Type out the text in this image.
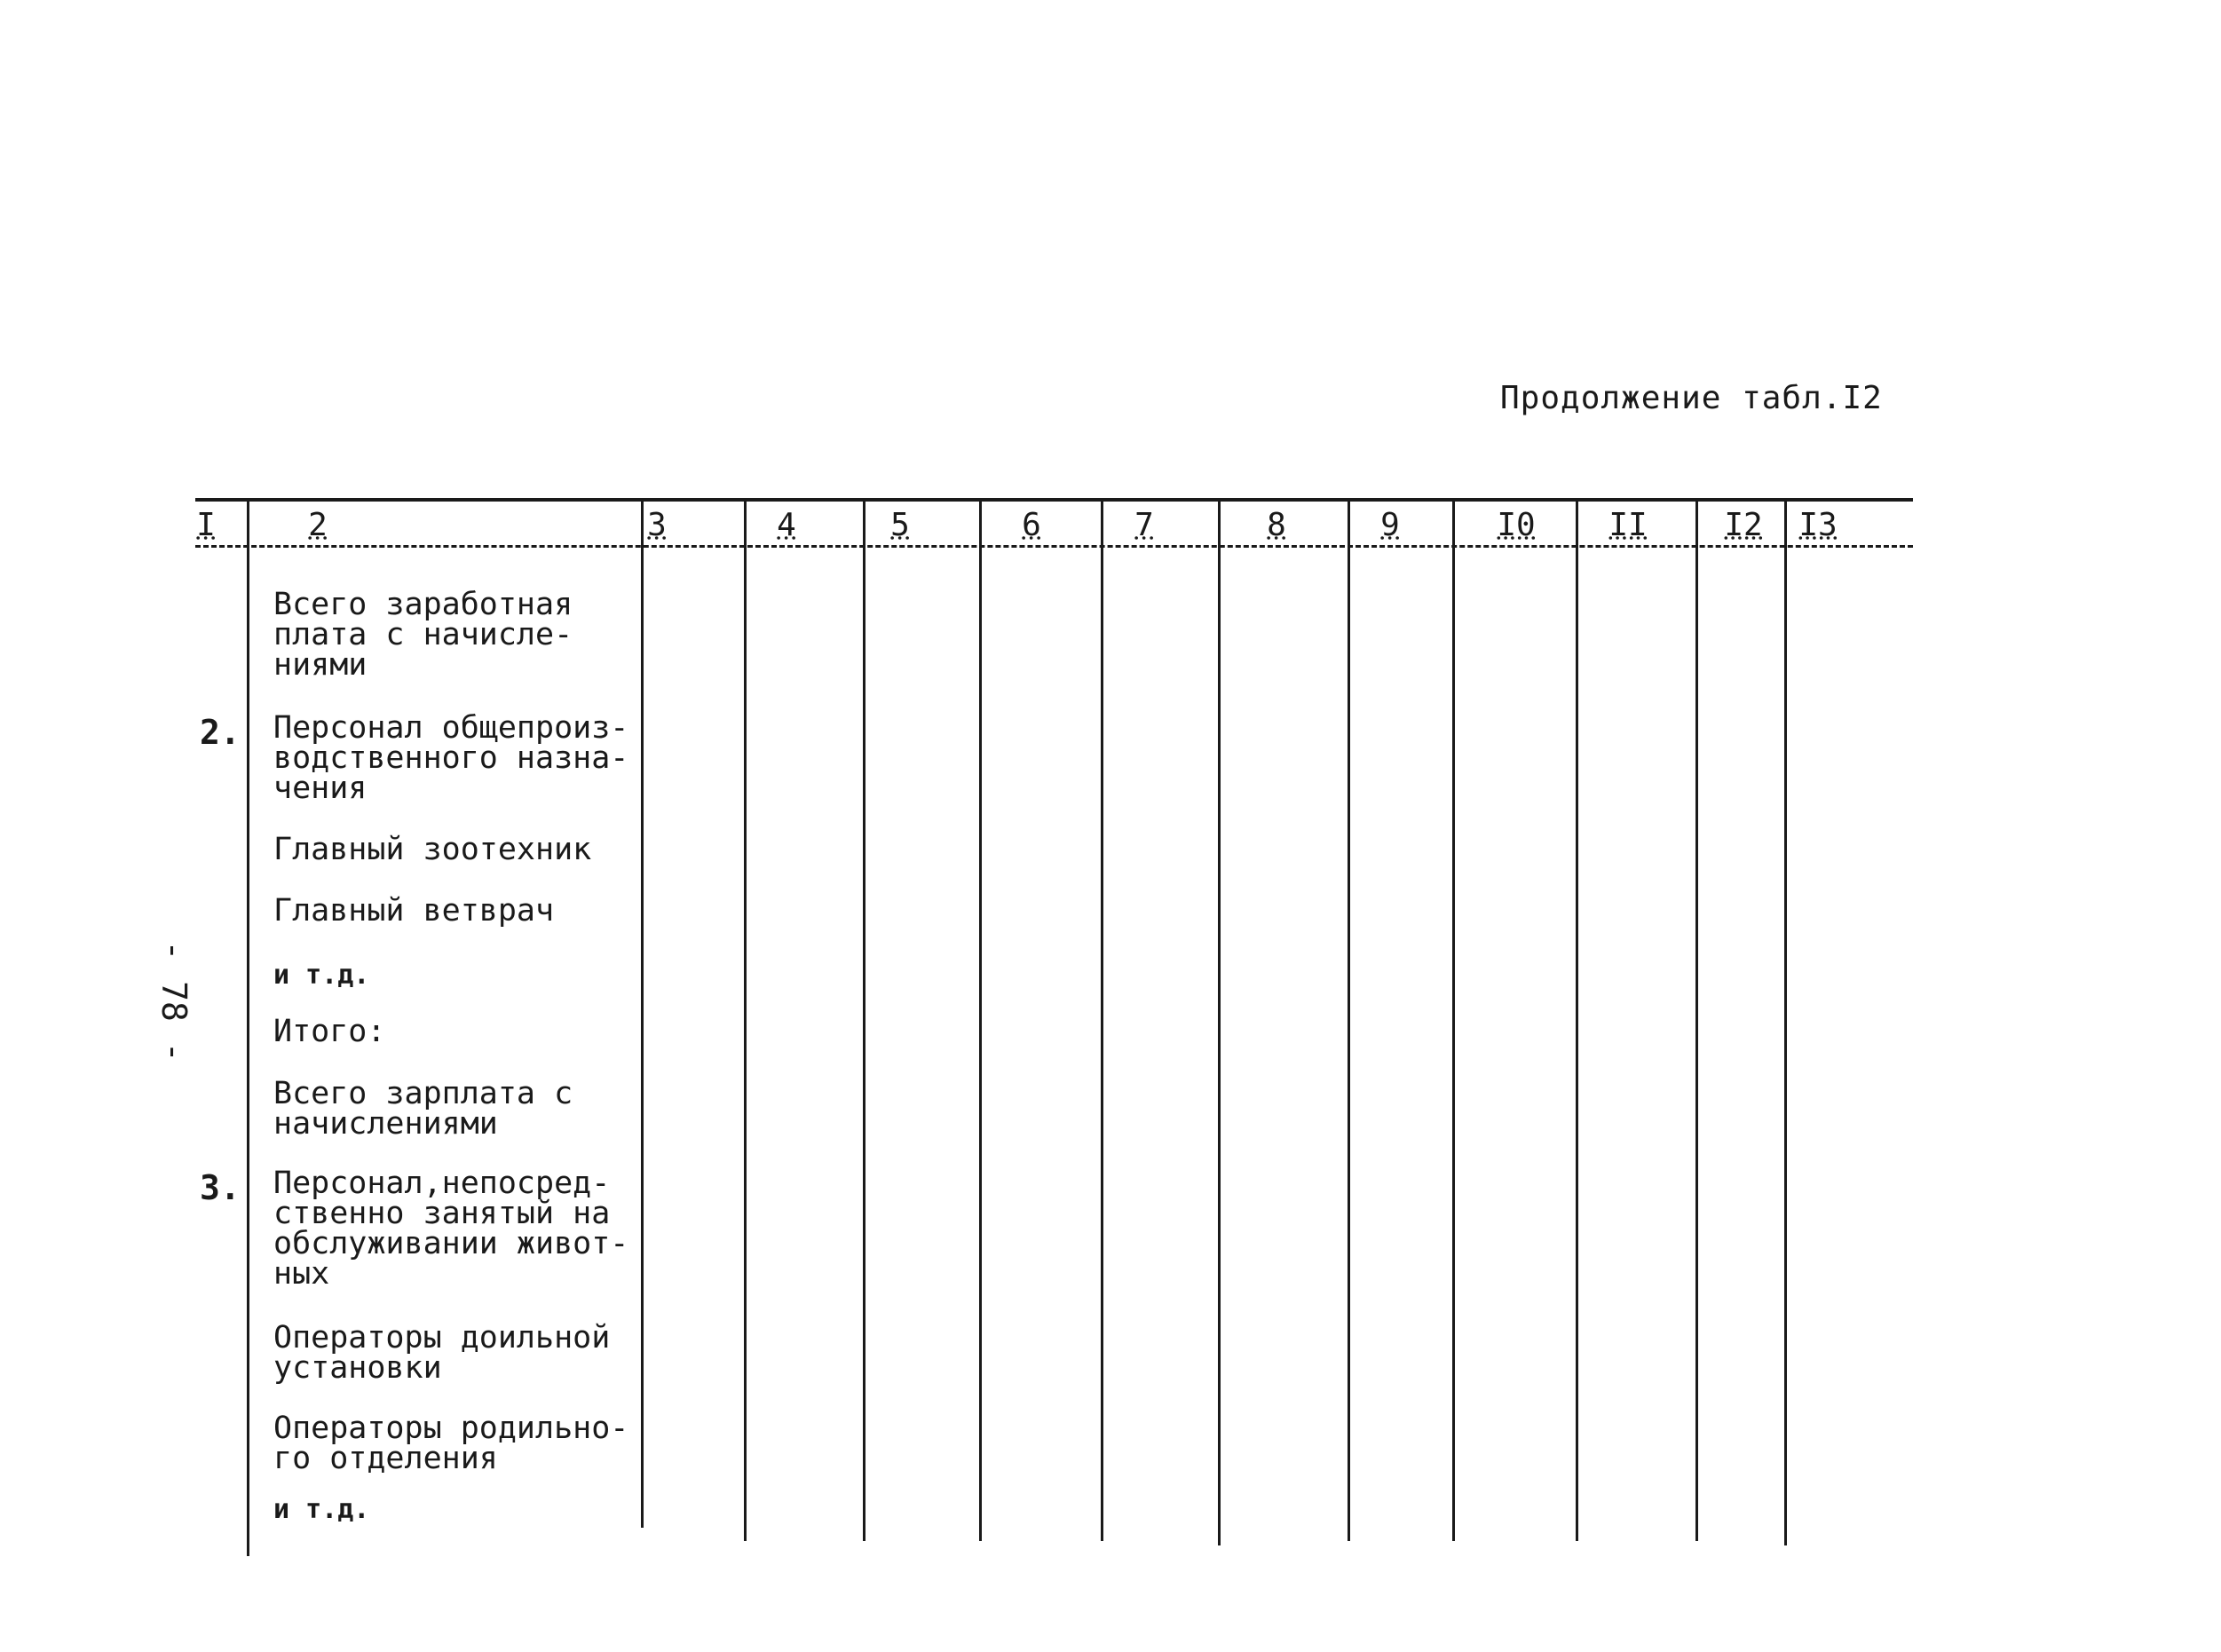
Продолжение табл.I2
- 78 -
I	2	3	4	5	6	7	8	9	I0 II I2 I3
Всего заработная
плата с начисле-
ниями
2. Персонал общепроиз-
водственного назна-
чения
Главный зоотехник
Главный ветврач
и т.д.
Итого:
Всего зарплата с
начислениями
3. Персонал,непосред-
ственно занятый на
обслуживании живот-
ных
Операторы доильной
установки
Операторы родильно-
го отделения
и т.д.
